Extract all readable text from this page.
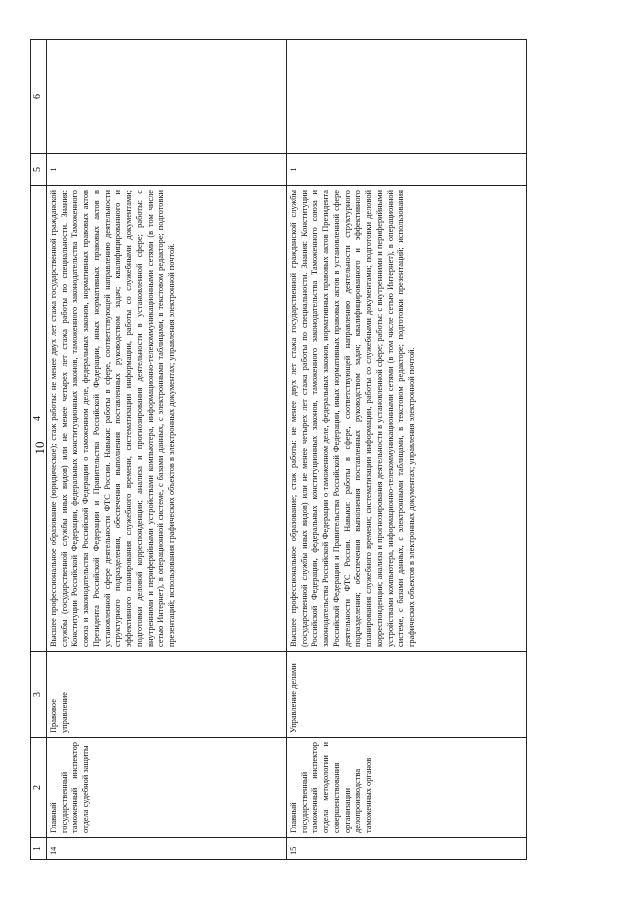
10
1	2	3	4	5	6
14	Главный государственный таможенный инспектор отдела судебной защиты	Правовое управление	Высшее профессиональное образование (юридическое); стаж работы: не менее двух лет стажа государственной гражданской службы (государственной службы иных видов) или не менее четырех лет стажа работы по специальности. Знания: Конституции Российской Федерации, федеральных конституционных законов, таможенного законодательства Таможенного союза и законодательства Российской Федерации о таможенном деле, федеральных законов, нормативных правовых актов Президента Российской Федерации и Правительства Российской Федерации, иных нормативных правовых актов в установленной сфере деятельности ФТС России. Навыки: работы в сфере, соответствующей направлению деятельности структурного подразделения, обеспечения выполнения поставленных руководством задач; квалифицированного и эффективного планирования служебного времени, систематизации информации, работы со служебными документами; подготовки деловой корреспонденции; анализа и прогнозирования деятельности в установленной сфере; работы: с внутренними и периферийными устройствами компьютера, информационно-телекоммуникационными сетями (в том числе сетью Интернет), в операционной системе, с базами данных, с электронными таблицами, в текстовом редакторе; подготовки презентаций; использования графических объектов в электронных документах; управления электронной почтой.	1	
15	Главный государственный таможенный инспектор отдела методологии и совершенствования организации делопроизводства таможенных органов	Управление делами	Высшее профессиональное образование; стаж работы: не менее двух лет стажа государственной гражданской службы (государственной службы иных видов) или не менее четырех лет стажа работы по специальности. Знания: Конституции Российской Федерации, федеральных конституционных законов, таможенного законодательства Таможенного союза и законодательства Российской Федерации о таможенном деле, федеральных законов, нормативных правовых актов Президента Российской Федерации и Правительства Российской Федерации, иных нормативных правовых актов в установленной сфере деятельности ФТС России. Навыки: работы в сфере, соответствующей направлению деятельности структурного подразделения; обеспечения выполнения поставленных руководством задач; квалифицированного и эффективного планирования служебного времени; систематизации информации, работы со служебными документами; подготовки деловой корреспонденции; анализа и прогнозирования деятельности в установленной сфере; работы: с внутренними и периферийными устройствами компьютера, информационно-телекоммуникационными сетями (в том числе сетью Интернет), в операционной системе, с базами данных, с электронными таблицами, в текстовом редакторе; подготовки презентаций; использования графических объектов в электронных документах; управления электронной почтой.	1	
